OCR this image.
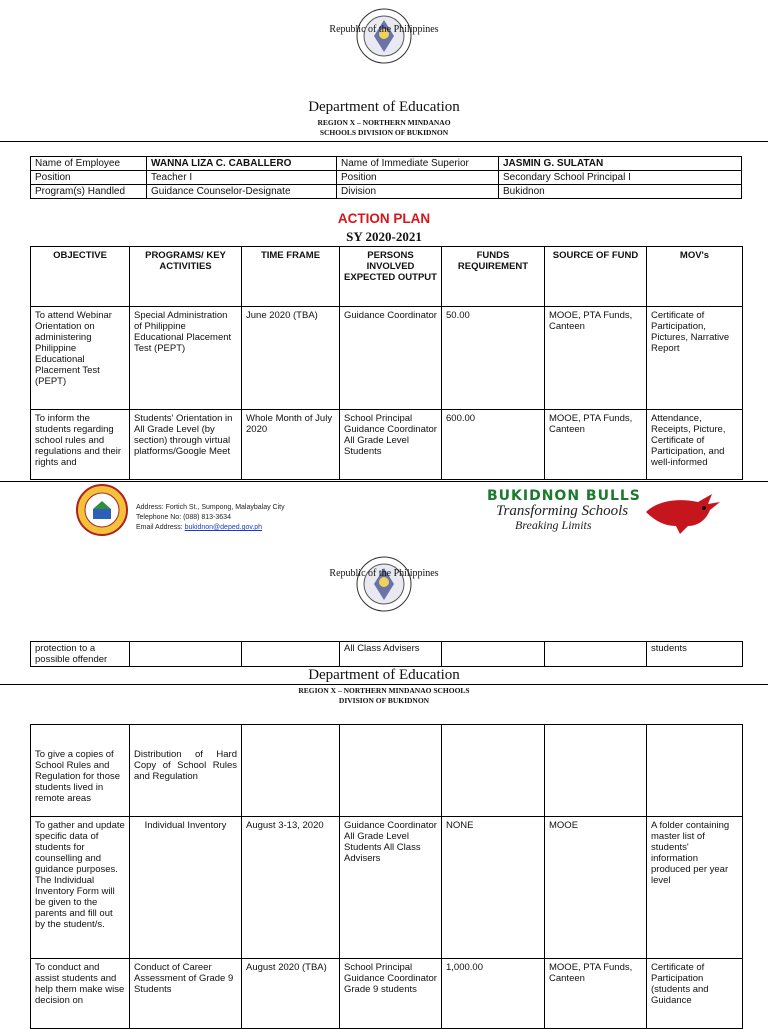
Republic of the Philippines
Department of Education
REGION X – NORTHERN MINDANAO
SCHOOLS DIVISION OF BUKIDNON
Name of Employee	WANNA LIZA C. CABALLERO	Name of Immediate Superior	JASMIN G. SULATAN
Position	Teacher I	Position	Secondary School Principal I
Program(s) Handled	Guidance Counselor-Designate	Division	Bukidnon
ACTION PLAN
SY 2020-2021
OBJECTIVE	PROGRAMS/ KEY ACTIVITIES	TIME FRAME	PERSONS INVOLVED EXPECTED OUTPUT	FUNDS REQUIREMENT	SOURCE OF FUND	MOV's
To attend Webinar Orientation on administering Philippine Educational Placement Test (PEPT)	Special Administration of Philippine Educational Placement Test (PEPT)	June 2020 (TBA)	Guidance Coordinator	50.00	MOOE, PTA Funds, Canteen	Certificate of Participation, Pictures, Narrative Report

To inform the students regarding school rules and regulations and their rights and	Students' Orientation in All Grade Level (by section) through virtual platforms/Google Meet	Whole Month of July 2020	School Principal Guidance Coordinator All Grade Level Students	600.00	MOOE, PTA Funds, Canteen	Attendance, Receipts, Picture, Certificate of Participation, and well-informed
Address: Fortich St., Sumpong, Malaybalay City
Telephone No: (088) 813-3634
Email Address: bukidnon@deped.gov.ph
BUKIDNON BULLS
Transforming Schools
Breaking Limits
Republic of the Philippines
protection to a possible offender			All Class Advisers			students
Department of Education
REGION X – NORTHERN MINDANAO SCHOOLS
DIVISION OF BUKIDNON
To give a copies of School Rules and Regulation for those students lived in remote areas	Distribution of Hard Copy of School Rules and Regulation					
To gather and update specific data of students for counselling and guidance purposes. The Individual Inventory Form will be given to the parents and fill out by the student/s.	Individual Inventory	August 3-13, 2020	Guidance Coordinator All Grade Level Students All Class Advisers	NONE	MOOE	A folder containing master list of students' information produced per year level

To conduct and assist students and help them make wise decision on	Conduct of Career Assessment of Grade 9 Students	August 2020 (TBA)	School Principal Guidance Coordinator Grade 9 students	1,000.00	MOOE, PTA Funds, Canteen	Certificate of Participation (students and Guidance
